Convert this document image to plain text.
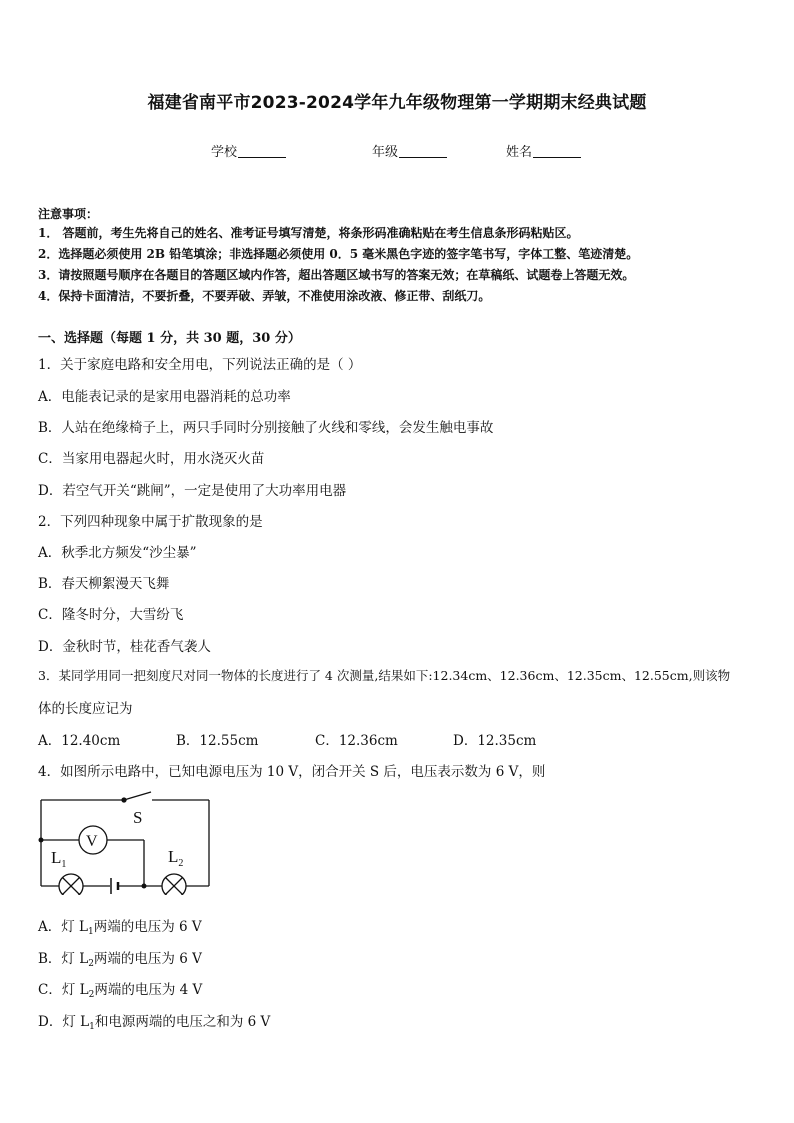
福建省南平市2023-2024学年九年级物理第一学期期末经典试题
学校	年级	姓名
注意事项：
1． 答题前，考生先将自己的姓名、准考证号填写清楚，将条形码准确粘贴在考生信息条形码粘贴区。
2．选择题必须使用 2B 铅笔填涂；非选择题必须使用 0．5 毫米黑色字迹的签字笔书写，字体工整、笔迹清楚。
3．请按照题号顺序在各题目的答题区域内作答，超出答题区域书写的答案无效；在草稿纸、试题卷上答题无效。
4．保持卡面清洁，不要折叠，不要弄破、弄皱，不准使用涂改液、修正带、刮纸刀。
一、选择题（每题 1 分，共 30 题，30 分）
1．关于家庭电路和安全用电，下列说法正确的是（ ）
A．电能表记录的是家用电器消耗的总功率
B．人站在绝缘椅子上，两只手同时分别接触了火线和零线，会发生触电事故
C．当家用电器起火时，用水浇灭火苗
D．若空气开关“跳闸”，一定是使用了大功率用电器
2．下列四种现象中属于扩散现象的是
A．秋季北方频发“沙尘暴”
B．春天柳絮漫天飞舞
C．隆冬时分，大雪纷飞
D．金秋时节，桂花香气袭人
3．某同学用同一把刻度尺对同一物体的长度进行了 4 次测量,结果如下:12.34cm、12.36cm、12.35cm、12.55cm,则该物
体的长度应记为
A．12.40cm	B．12.55cm	C．12.36cm	D．12.35cm
4．如图所示电路中，已知电源电压为 10 V，闭合开关 S 后，电压表示数为 6 V，则
S
V
$L_1$	$L_2$
A．灯 $L_1$两端的电压为 6 V
B．灯 $L_2$两端的电压为 6 V
C．灯 $L_2$两端的电压为 4 V
D．灯 $L_1$和电源两端的电压之和为 6 V
